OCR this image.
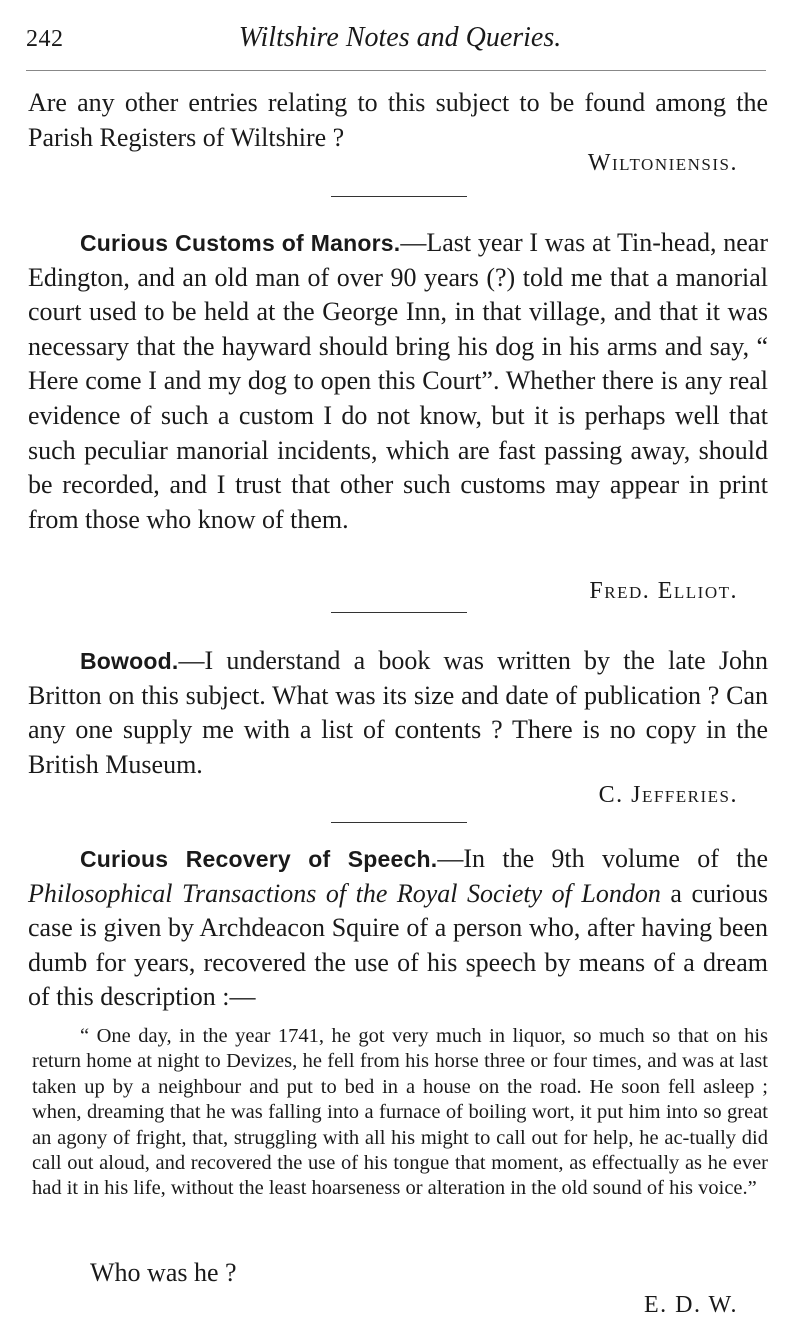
242	Wiltshire Notes and Queries.
Are any other entries relating to this subject to be found among the Parish Registers of Wiltshire ?
Wiltoniensis.
Curious Customs of Manors.—Last year I was at Tin-head, near Edington, and an old man of over 90 years (?) told me that a manorial court used to be held at the George Inn, in that village, and that it was necessary that the hayward should bring his dog in his arms and say, “ Here come I and my dog to open this Court”. Whether there is any real evidence of such a custom I do not know, but it is perhaps well that such peculiar manorial incidents, which are fast passing away, should be recorded, and I trust that other such customs may appear in print from those who know of them.
Fred. Elliot.
Bowood.—I understand a book was written by the late John Britton on this subject. What was its size and date of publication ? Can any one supply me with a list of contents ? There is no copy in the British Museum.
C. Jefferies.
Curious Recovery of Speech.—In the 9th volume of the Philosophical Transactions of the Royal Society of London a curious case is given by Archdeacon Squire of a person who, after having been dumb for years, recovered the use of his speech by means of a dream of this description :—
“ One day, in the year 1741, he got very much in liquor, so much so that on his return home at night to Devizes, he fell from his horse three or four times, and was at last taken up by a neighbour and put to bed in a house on the road. He soon fell asleep ; when, dreaming that he was falling into a furnace of boiling wort, it put him into so great an agony of fright, that, struggling with all his might to call out for help, he ac-tually did call out aloud, and recovered the use of his tongue that moment, as effectually as he ever had it in his life, without the least hoarseness or alteration in the old sound of his voice.”
Who was he ?
E. D. W.
